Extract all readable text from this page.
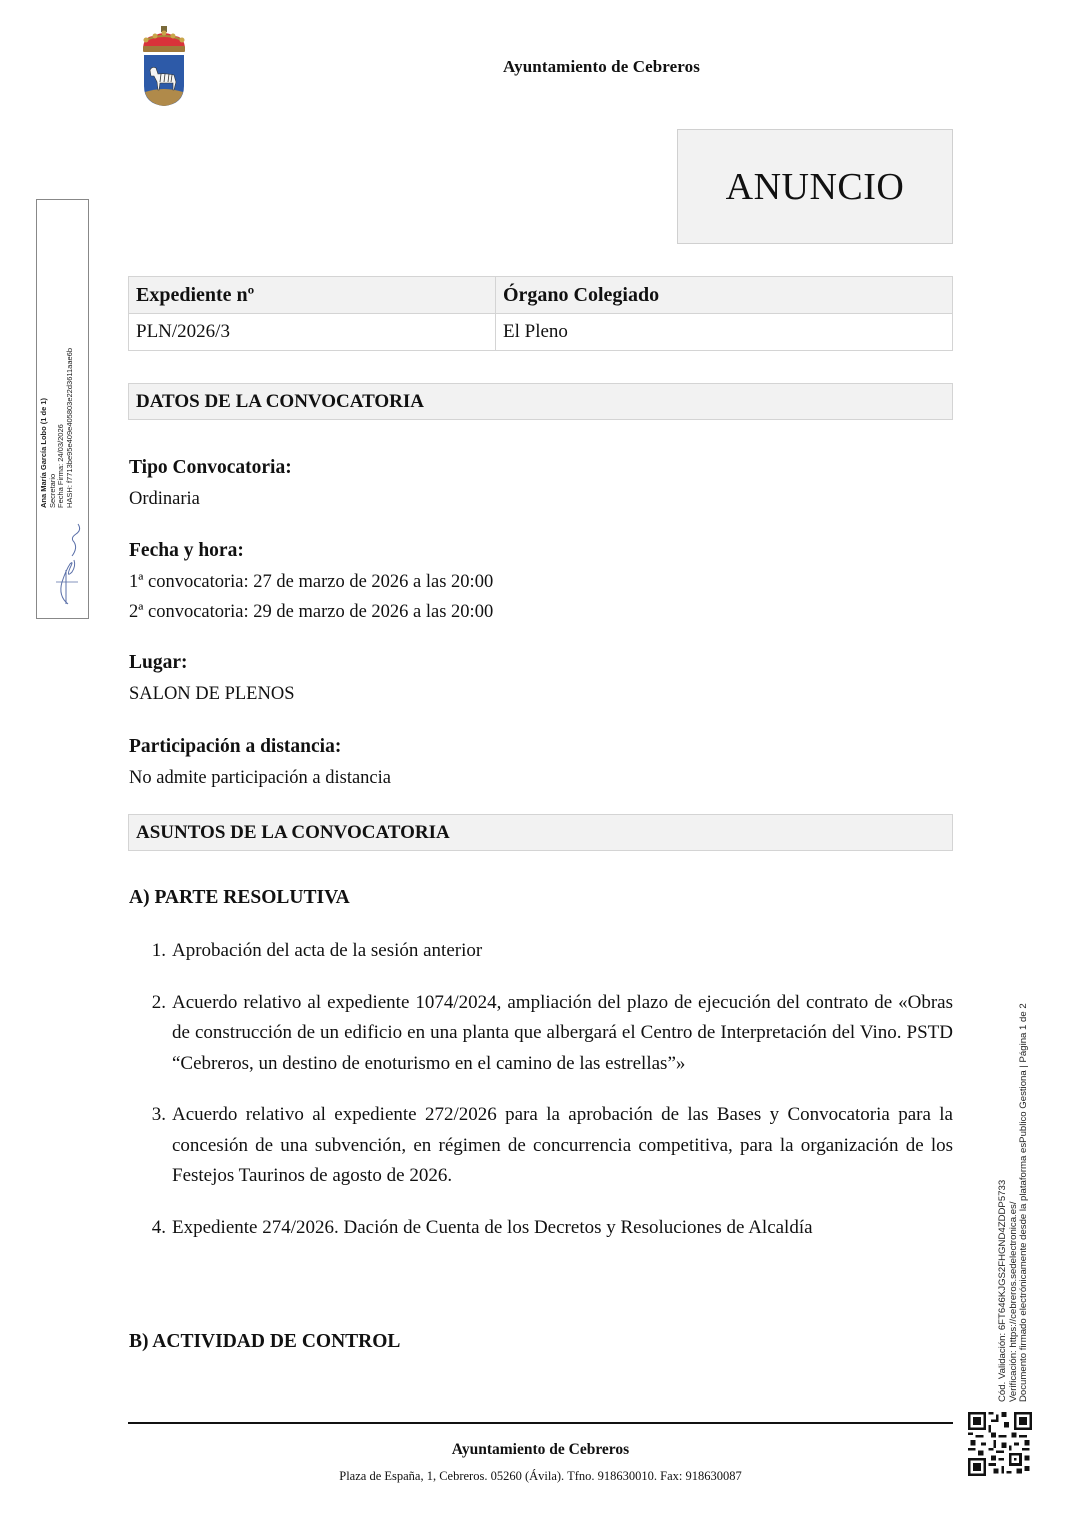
Ayuntamiento de Cebreros
ANUNCIO
Expediente nº	Órgano Colegiado
PLN/2026/3	El Pleno
DATOS DE LA CONVOCATORIA
Tipo Convocatoria:
Ordinaria
Fecha y hora:
1ª convocatoria: 27 de marzo de 2026 a las 20:00
2ª convocatoria: 29 de marzo de 2026 a las 20:00
Lugar:
SALON DE PLENOS
Participación a distancia:
No admite participación a distancia
ASUNTOS DE LA CONVOCATORIA
A) PARTE RESOLUTIVA
1. Aprobación del acta de la sesión anterior
2. Acuerdo relativo al expediente 1074/2024, ampliación del plazo de ejecución del contrato de «Obras de construcción de un edificio en una planta que albergará el Centro de Interpretación del Vino. PSTD “Cebreros, un destino de enoturismo en el camino de las estrellas”»
3. Acuerdo relativo al expediente 272/2026 para la aprobación de las Bases y Convocatoria para la concesión de una subvención, en régimen de concurrencia competitiva, para la organización de los Festejos Taurinos de agosto de 2026.
4. Expediente 274/2026. Dación de Cuenta de los Decretos y Resoluciones de Alcaldía
B) ACTIVIDAD DE CONTROL
Ayuntamiento de Cebreros
Plaza de España, 1, Cebreros. 05260 (Ávila). Tfno. 918630010. Fax: 918630087
Ana María García Lobo (1 de 1) Secretario Fecha Firma: 24/03/2026 HASH: f7713be95e409e405803e22d3611aae6b
Cód. Validación: 6FT646KJGS2FHGND4ZDDP5733 Verificación: https://cebreros.sedelectronica.es/ Documento firmado electrónicamente desde la plataforma esPublico Gestiona | Página 1 de 2
